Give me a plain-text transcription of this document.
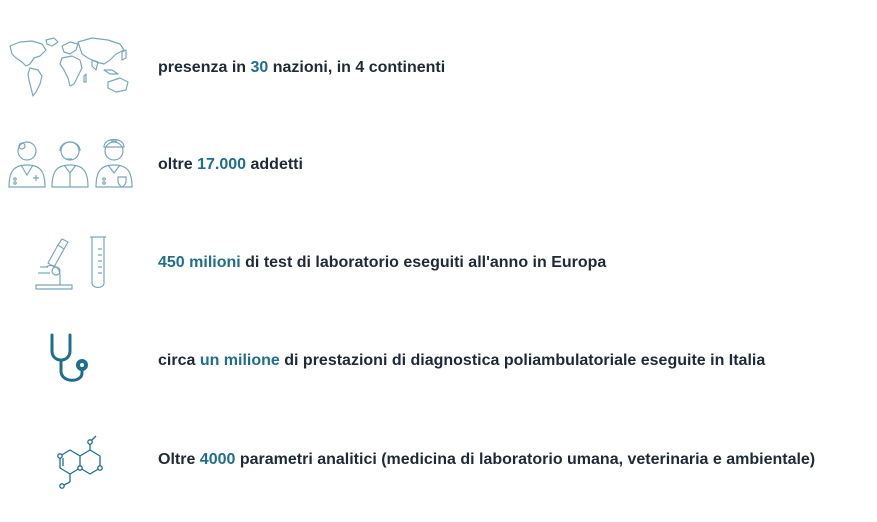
presenza in 30 nazioni, in 4 continenti
oltre 17.000 addetti
450 milioni di test di laboratorio eseguiti all'anno in Europa
circa un milione di prestazioni di diagnostica poliambulatoriale eseguite in Italia
Oltre 4000 parametri analitici (medicina di laboratorio umana, veterinaria e ambientale)
